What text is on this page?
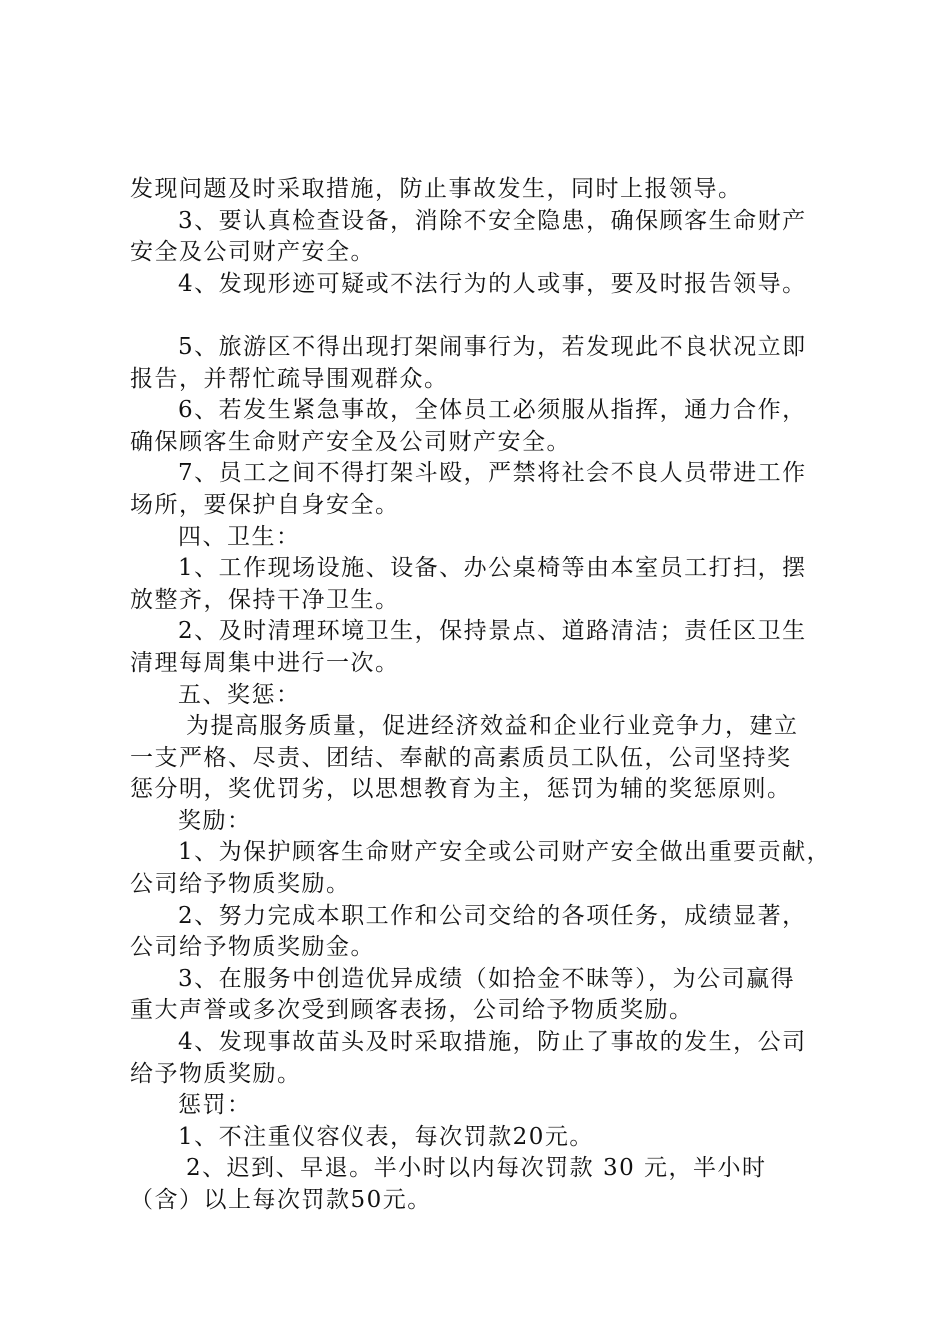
发现问题及时采取措施，防止事故发生，同时上报领导。
3、要认真检查设备，消除不安全隐患，确保顾客生命财产
安全及公司财产安全。
4、发现形迹可疑或不法行为的人或事，要及时报告领导。
5、旅游区不得出现打架闹事行为，若发现此不良状况立即
报告，并帮忙疏导围观群众。
6、若发生紧急事故，全体员工必须服从指挥，通力合作，
确保顾客生命财产安全及公司财产安全。
7、员工之间不得打架斗殴，严禁将社会不良人员带进工作
场所，要保护自身安全。
四、卫生：
1、工作现场设施、设备、办公桌椅等由本室员工打扫，摆
放整齐，保持干净卫生。
2、及时清理环境卫生，保持景点、道路清洁；责任区卫生
清理每周集中进行一次。
五、奖惩：
为提高服务质量，促进经济效益和企业行业竞争力，建立
一支严格、尽责、团结、奉献的高素质员工队伍，公司坚持奖
惩分明，奖优罚劣，以思想教育为主，惩罚为辅的奖惩原则。
奖励：
1、为保护顾客生命财产安全或公司财产安全做出重要贡献，
公司给予物质奖励。
2、努力完成本职工作和公司交给的各项任务，成绩显著，
公司给予物质奖励金。
3、在服务中创造优异成绩（如拾金不昧等），为公司赢得
重大声誉或多次受到顾客表扬，公司给予物质奖励。
4、发现事故苗头及时采取措施，防止了事故的发生，公司
给予物质奖励。
惩罚：
1、不注重仪容仪表，每次罚款20元。
2、迟到、早退。半小时以内每次罚款 30 元，半小时
（含）以上每次罚款50元。
